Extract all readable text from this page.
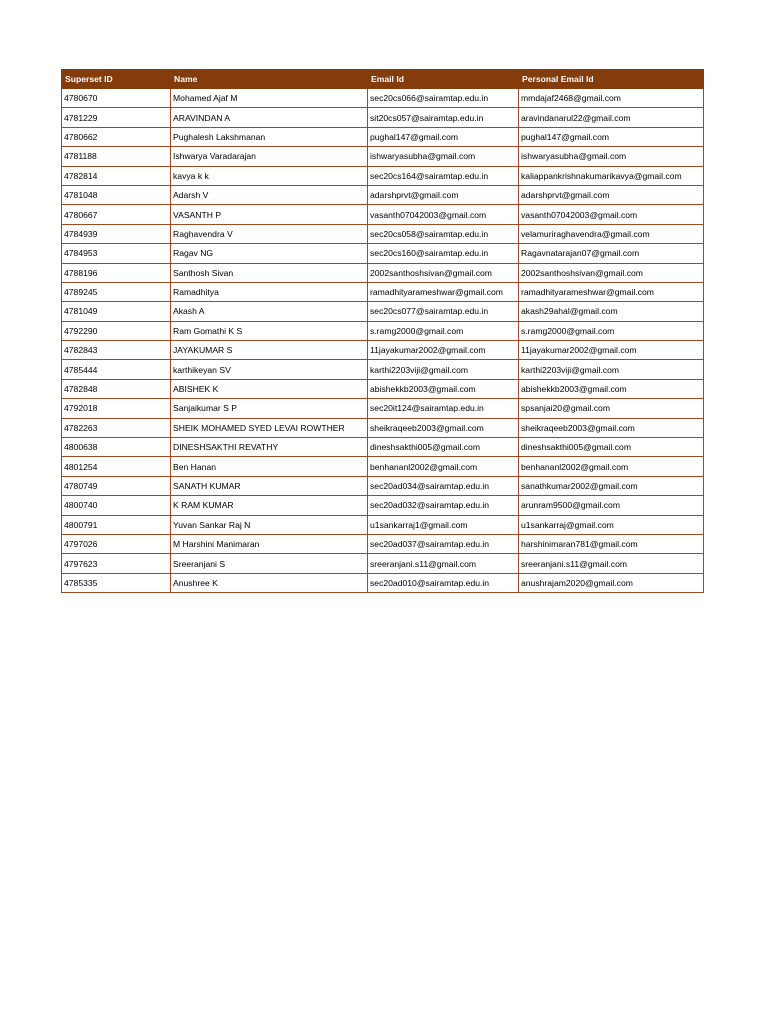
Superset ID	Name	Email Id	Personal Email Id
4780670	Mohamed Ajaf M	sec20cs066@sairamtap.edu.in	mmdajaf2468@gmail.com
4781229	ARAVINDAN A	sit20cs057@sairamtap.edu.in	aravindanarul22@gmail.com
4780662	Pughalesh Lakshmanan	pughal147@gmail.com	pughal147@gmail.com
4781188	Ishwarya Varadarajan	ishwaryasubha@gmail.com	ishwaryasubha@gmail.com
4782814	kavya k k	sec20cs164@sairamtap.edu.in	kaliappankrishnakumarikavya@gmail.com
4781048	Adarsh V	adarshprvt@gmail.com	adarshprvt@gmail.com
4780667	VASANTH P	vasanth07042003@gmail.com	vasanth07042003@gmail.com
4784939	Raghavendra V	sec20cs058@sairamtap.edu.in	velamuriraghavendra@gmail.com
4784953	Ragav NG	sec20cs160@sairamtap.edu.in	Ragavnatarajan07@gmail.com
4788196	Santhosh Sivan	2002santhoshsivan@gmail.com	2002santhoshsivan@gmail.com
4789245	Ramadhitya	ramadhityarameshwar@gmail.com	ramadhityarameshwar@gmail.com
4781049	Akash A	sec20cs077@sairamtap.edu.in	akash29ahal@gmail.com
4792290	Ram Gomathi K S	s.ramg2000@gmail.com	s.ramg2000@gmail.com
4782843	JAYAKUMAR S	11jayakumar2002@gmail.com	11jayakumar2002@gmail.com
4785444	karthikeyan SV	karthi2203viji@gmail.com	karthi2203viji@gmail.com
4782848	ABISHEK K	abishekkb2003@gmail.com	abishekkb2003@gmail.com
4792018	Sanjaikumar S P	sec20it124@sairamtap.edu.in	spsanjai20@gmail.com
4782263	SHEIK MOHAMED SYED LEVAI ROWTHER	sheikraqeeb2003@gmail.com	sheikraqeeb2003@gmail.com
4800638	DINESHSAKTHI REVATHY	dineshsakthi005@gmail.com	dineshsakthi005@gmail.com
4801254	Ben Hanan	benhananl2002@gmail.com	benhananl2002@gmail.com
4780749	SANATH KUMAR	sec20ad034@sairamtap.edu.in	sanathkumar2002@gmail.com
4800740	K RAM KUMAR	sec20ad032@sairamtap.edu.in	arunram9500@gmail.com
4800791	Yuvan Sankar Raj N	u1sankarraj1@gmail.com	u1sankarraj@gmail.com
4797026	M Harshini Manimaran	sec20ad037@sairamtap.edu.in	harshinimaran781@gmail.com
4797623	Sreeranjani S	sreeranjani.s11@gmail.com	sreeranjani.s11@gmail.com
4785335	Anushree K	sec20ad010@sairamtap.edu.in	anushrajam2020@gmail.com
